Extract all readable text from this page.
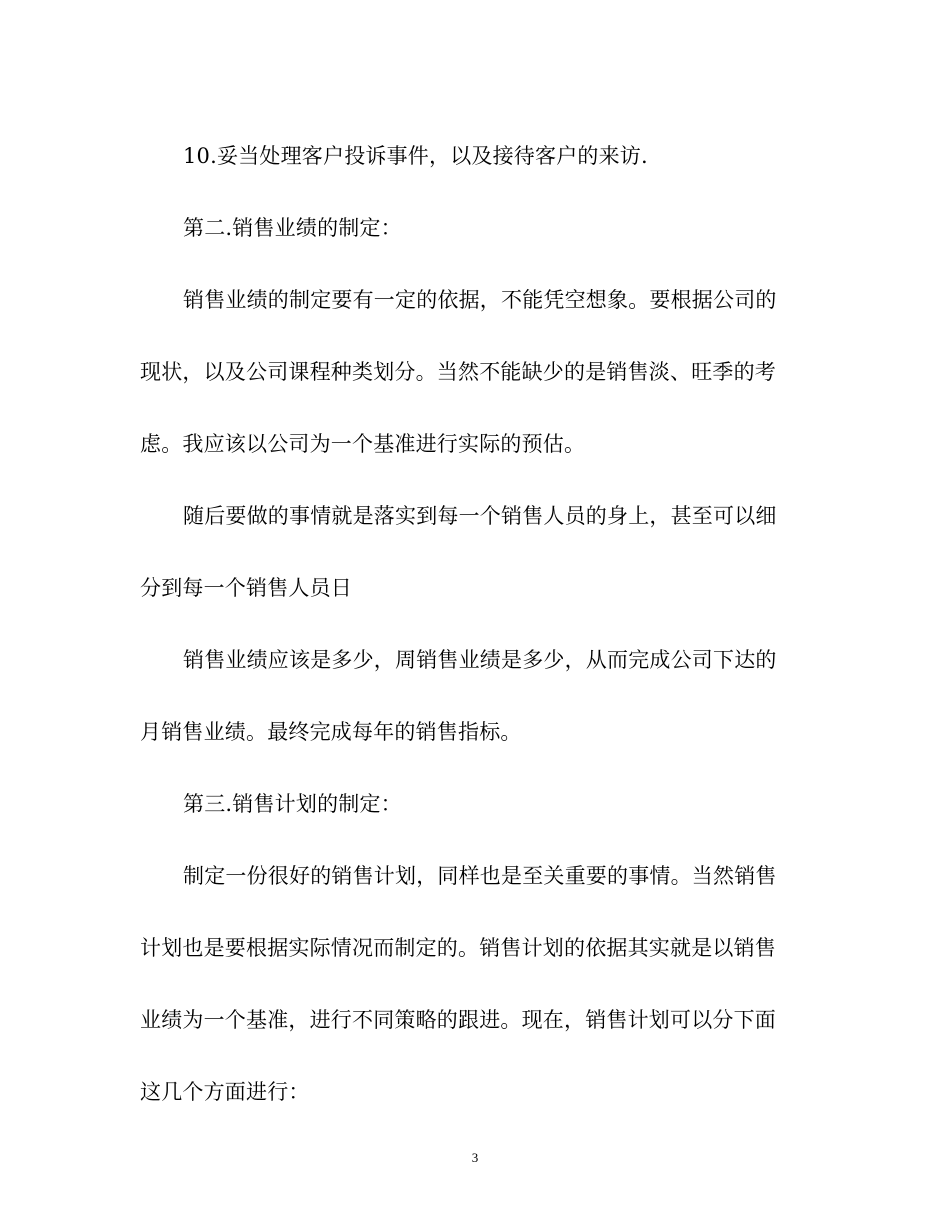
10.妥当处理客户投诉事件，以及接待客户的来访.

第二.销售业绩的制定：

销售业绩的制定要有一定的依据，不能凭空想象。要根据公司的
现状，以及公司课程种类划分。当然不能缺少的是销售淡、旺季的考
虑。我应该以公司为一个基准进行实际的预估。

随后要做的事情就是落实到每一个销售人员的身上，甚至可以细
分到每一个销售人员日

销售业绩应该是多少，周销售业绩是多少，从而完成公司下达的
月销售业绩。最终完成每年的销售指标。

第三.销售计划的制定：

制定一份很好的销售计划，同样也是至关重要的事情。当然销售
计划也是要根据实际情况而制定的。销售计划的依据其实就是以销售
业绩为一个基准，进行不同策略的跟进。现在，销售计划可以分下面
这几个方面进行：

3
